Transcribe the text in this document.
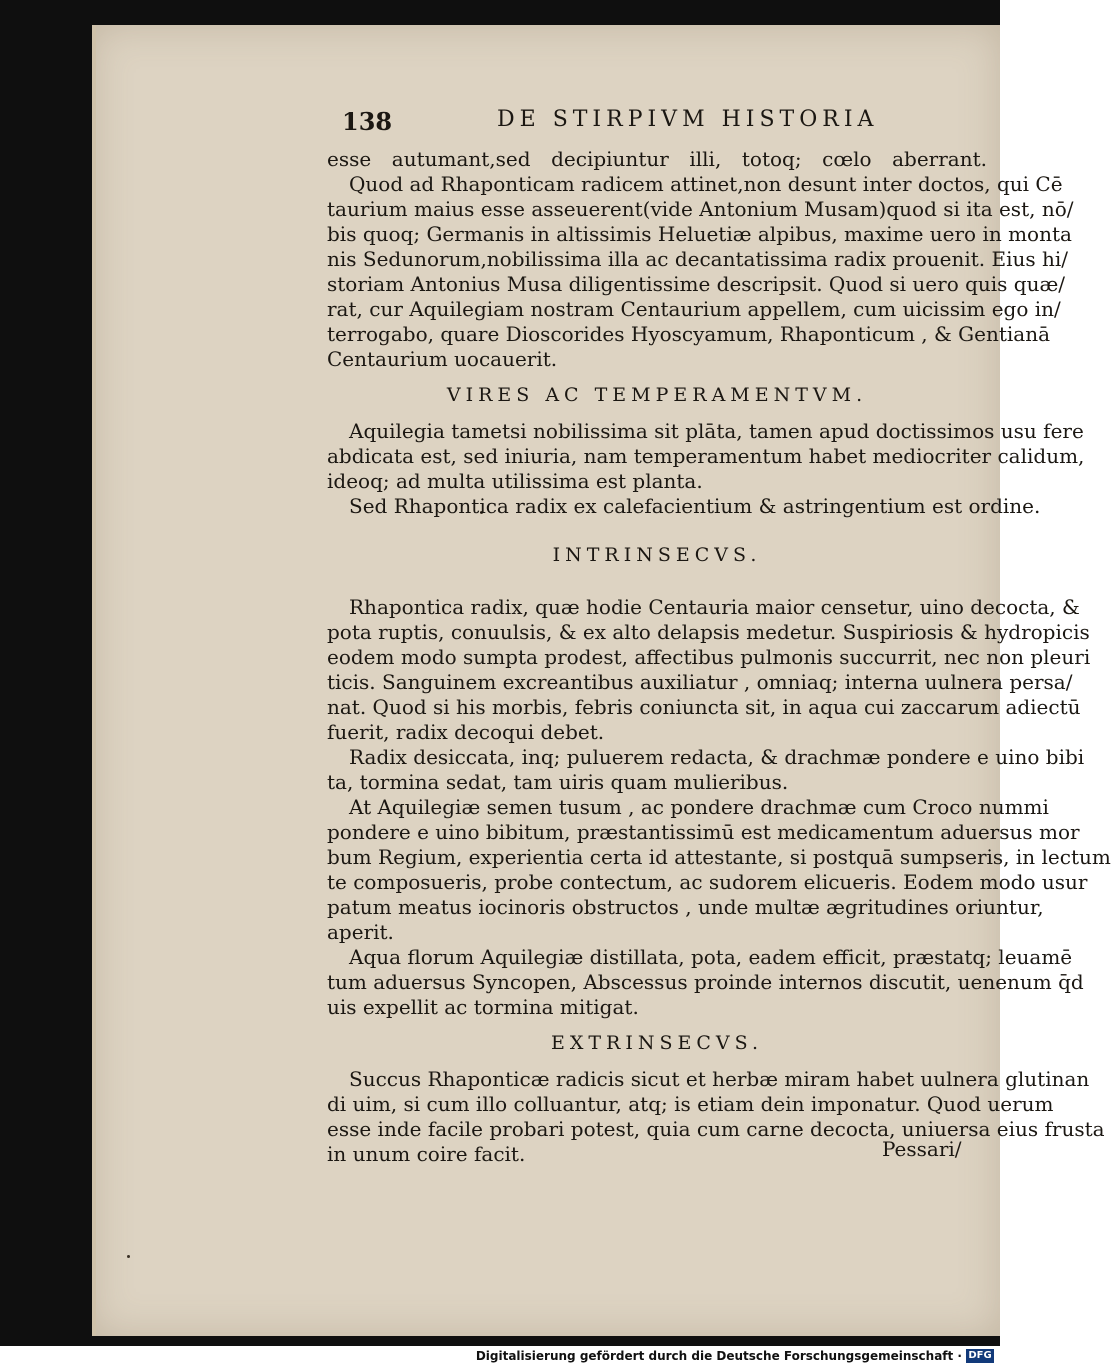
138	DE STIRPIVM HISTORIA
esse autumant,sed decipiuntur illi, totoq; cœlo aberrant.
Quod ad Rhaponticam radicem attinet,non desunt inter doctos, qui Cē
taurium maius esse asseuerent(vide Antonium Musam)quod si ita est, nō/
bis quoq; Germanis in altissimis Heluetiæ alpibus, maxime uero in monta
nis Sedunorum,nobilissima illa ac decantatissima radix prouenit. Eius hi/
storiam Antonius Musa diligentissime descripsit. Quod si uero quis quæ/
rat, cur Aquilegiam nostram Centaurium appellem, cum uicissim ego in/
terrogabo, quare Dioscorides Hyoscyamum, Rhaponticum , & Gentianā
Centaurium uocauerit.
VIRES AC TEMPERAMENTVM.
Aquilegia tametsi nobilissima sit plāta, tamen apud doctissimos usu fere
abdicata est, sed iniuria, nam temperamentum habet mediocriter calidum,
ideoq; ad multa utilissima est planta.
Sed Rhapontica radix ex calefacientium & astringentium est ordine.
INTRINSECVS.
Rhapontica radix, quæ hodie Centauria maior censetur, uino decocta, &
pota ruptis, conuulsis, & ex alto delapsis medetur. Suspiriosis & hydropicis
eodem modo sumpta prodest, affectibus pulmonis succurrit, nec non pleuri
ticis. Sanguinem excreantibus auxiliatur , omniaq; interna uulnera persa/
nat. Quod si his morbis, febris coniuncta sit, in aqua cui zaccarum adiectū
fuerit, radix decoqui debet.
Radix desiccata, inq; puluerem redacta, & drachmæ pondere e uino bibi
ta, tormina sedat, tam uiris quam mulieribus.
At Aquilegiæ semen tusum , ac pondere drachmæ cum Croco nummi
pondere e uino bibitum, præstantissimū est medicamentum aduersus mor
bum Regium, experientia certa id attestante, si postquā sumpseris, in lectum
te composueris, probe contectum, ac sudorem elicueris. Eodem modo usur
patum meatus iocinoris obstructos , unde multæ ægritudines oriuntur,
aperit.
Aqua florum Aquilegiæ distillata, pota, eadem efficit, præstatq; leuamē
tum aduersus Syncopen, Abscessus proinde internos discutit, uenenum q̄d
uis expellit ac tormina mitigat.
EXTRINSECVS.
Succus Rhaponticæ radicis sicut et herbæ miram habet uulnera glutinan
di uim, si cum illo colluantur, atq; is etiam dein imponatur. Quod uerum
esse inde facile probari potest, quia cum carne decocta, uniuersa eius frusta
in unum coire facit.	Pessari/
Digitalisierung gefördert durch die Deutsche Forschungsgemeinschaft · DFG
